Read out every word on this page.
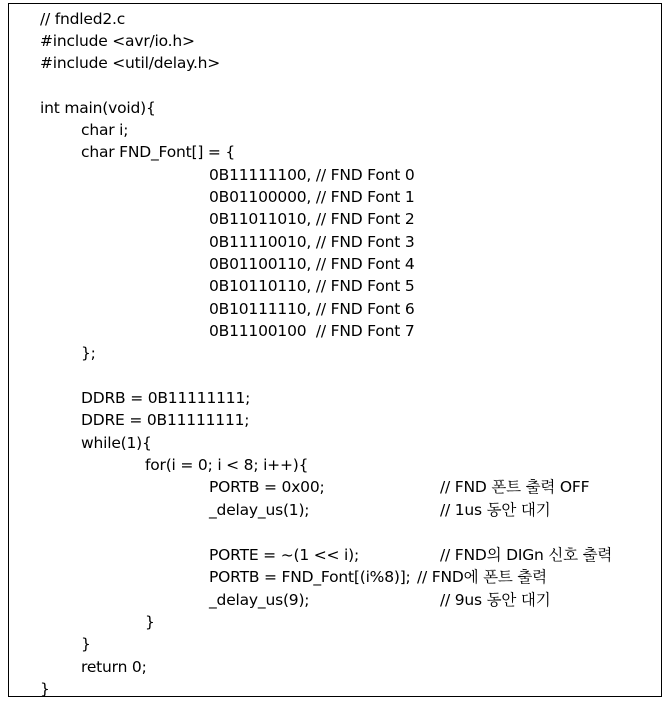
// fndled2.c
#include <avr/io.h>
#include <util/delay.h>
int main(void){
char i;
char FND_Font[] = {
0B11111100, // FND Font 0
0B01100000, // FND Font 1
0B11011010, // FND Font 2
0B11110010, // FND Font 3
0B01100110, // FND Font 4
0B10110110, // FND Font 5
0B10111110, // FND Font 6
0B11100100  // FND Font 7
};
DDRB = 0B11111111;
DDRE = 0B11111111;
while(1){
for(i = 0; i < 8; i++){

PORTB = 0x00;

	// FND 폰트 출력 OFF

_delay_us(1);

	// 1us 동안 대기

PORTE = ~(1 << i);

	// FND의 DIGn 신호 출력

PORTB = FND_Font[(i%8)];

// FND에 폰트 출력

_delay_us(9);

	// 9us 동안 대기

}
}
return 0;
}
